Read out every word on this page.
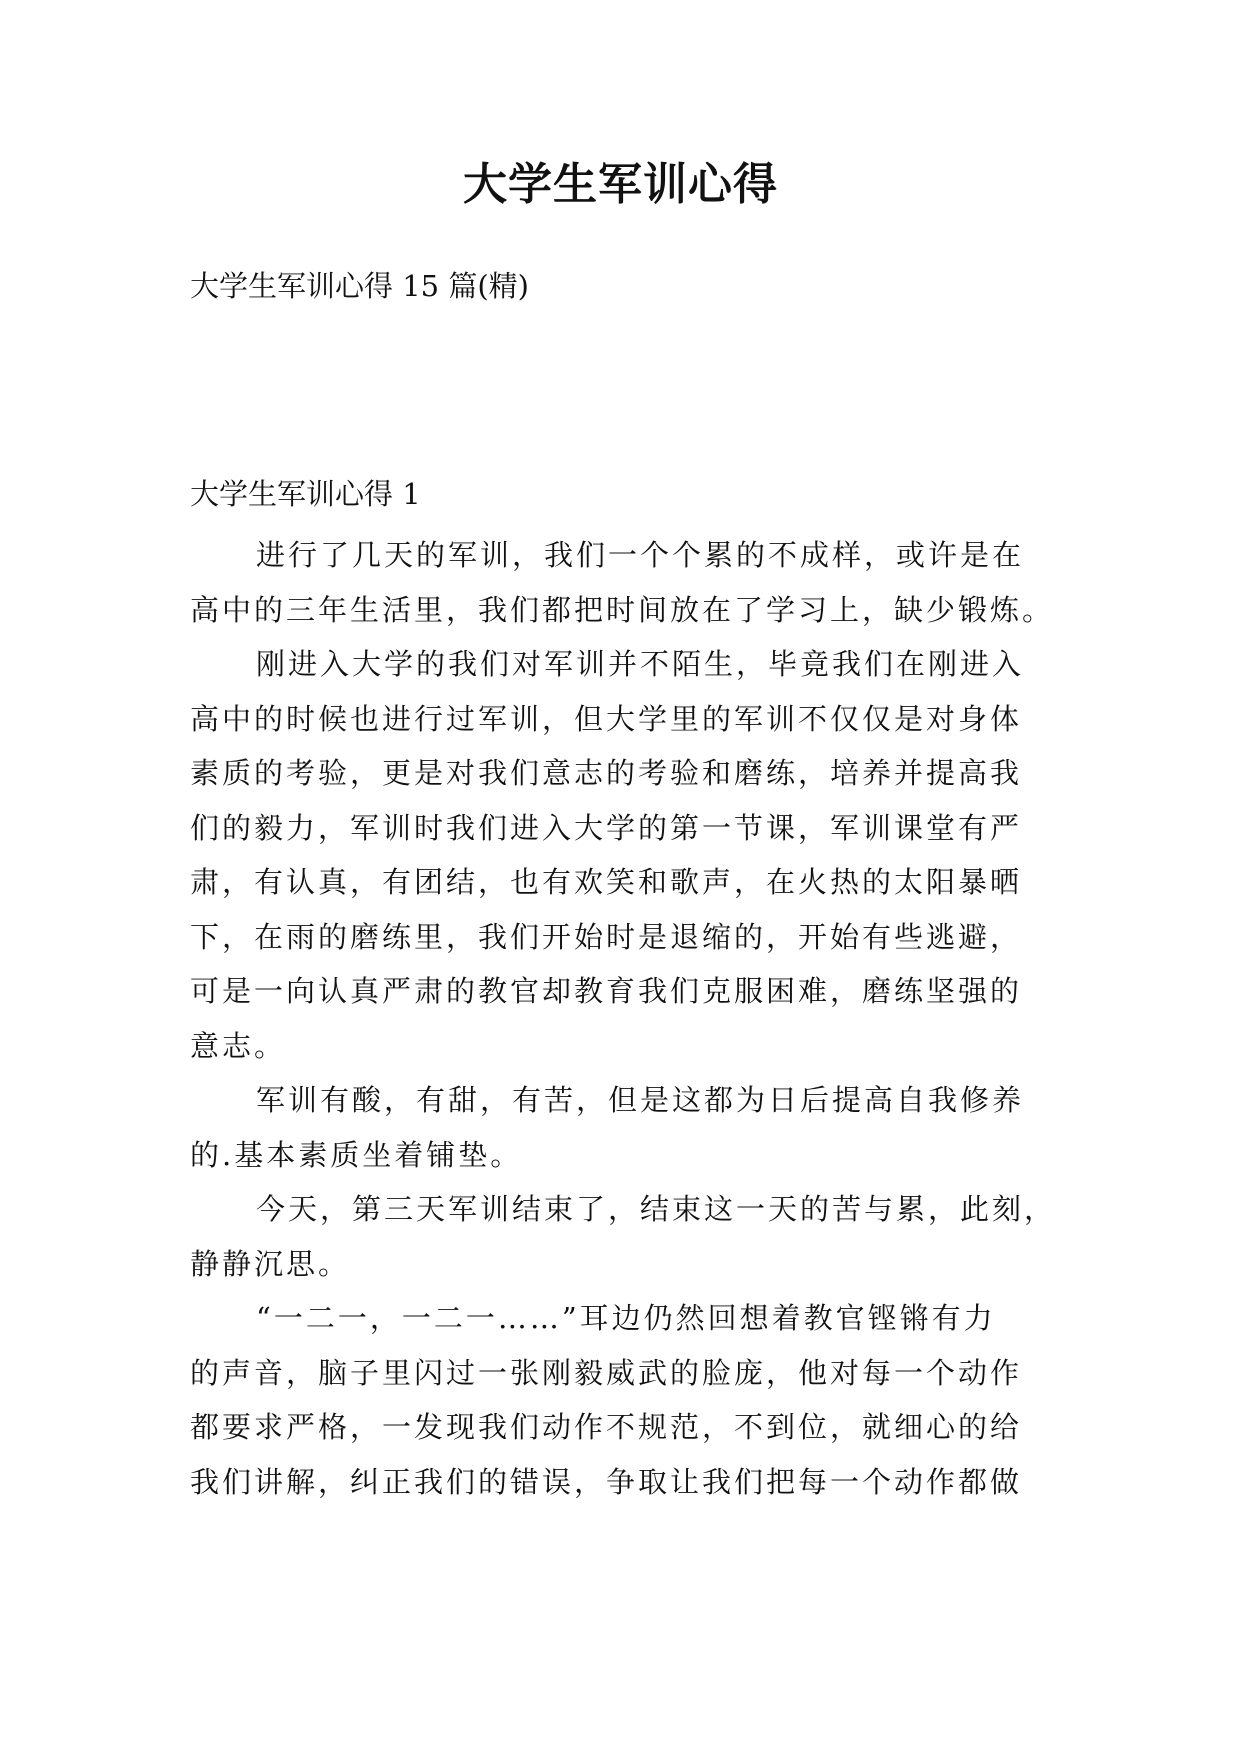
大学生军训心得
大学生军训心得 15 篇(精)
大学生军训心得 1
进行了几天的军训，我们一个个累的不成样，或许是在
高中的三年生活里，我们都把时间放在了学习上，缺少锻炼。
刚进入大学的我们对军训并不陌生，毕竟我们在刚进入
高中的时候也进行过军训，但大学里的军训不仅仅是对身体
素质的考验，更是对我们意志的考验和磨练，培养并提高我
们的毅力，军训时我们进入大学的第一节课，军训课堂有严
肃，有认真，有团结，也有欢笑和歌声，在火热的太阳暴晒
下，在雨的磨练里，我们开始时是退缩的，开始有些逃避，
可是一向认真严肃的教官却教育我们克服困难，磨练坚强的
意志。
军训有酸，有甜，有苦，但是这都为日后提高自我修养
的.基本素质坐着铺垫。
今天，第三天军训结束了，结束这一天的苦与累，此刻，
静静沉思。
“一二一，一二一……”耳边仍然回想着教官铿锵有力
的声音，脑子里闪过一张刚毅威武的脸庞，他对每一个动作
都要求严格，一发现我们动作不规范，不到位，就细心的给
我们讲解，纠正我们的错误，争取让我们把每一个动作都做
